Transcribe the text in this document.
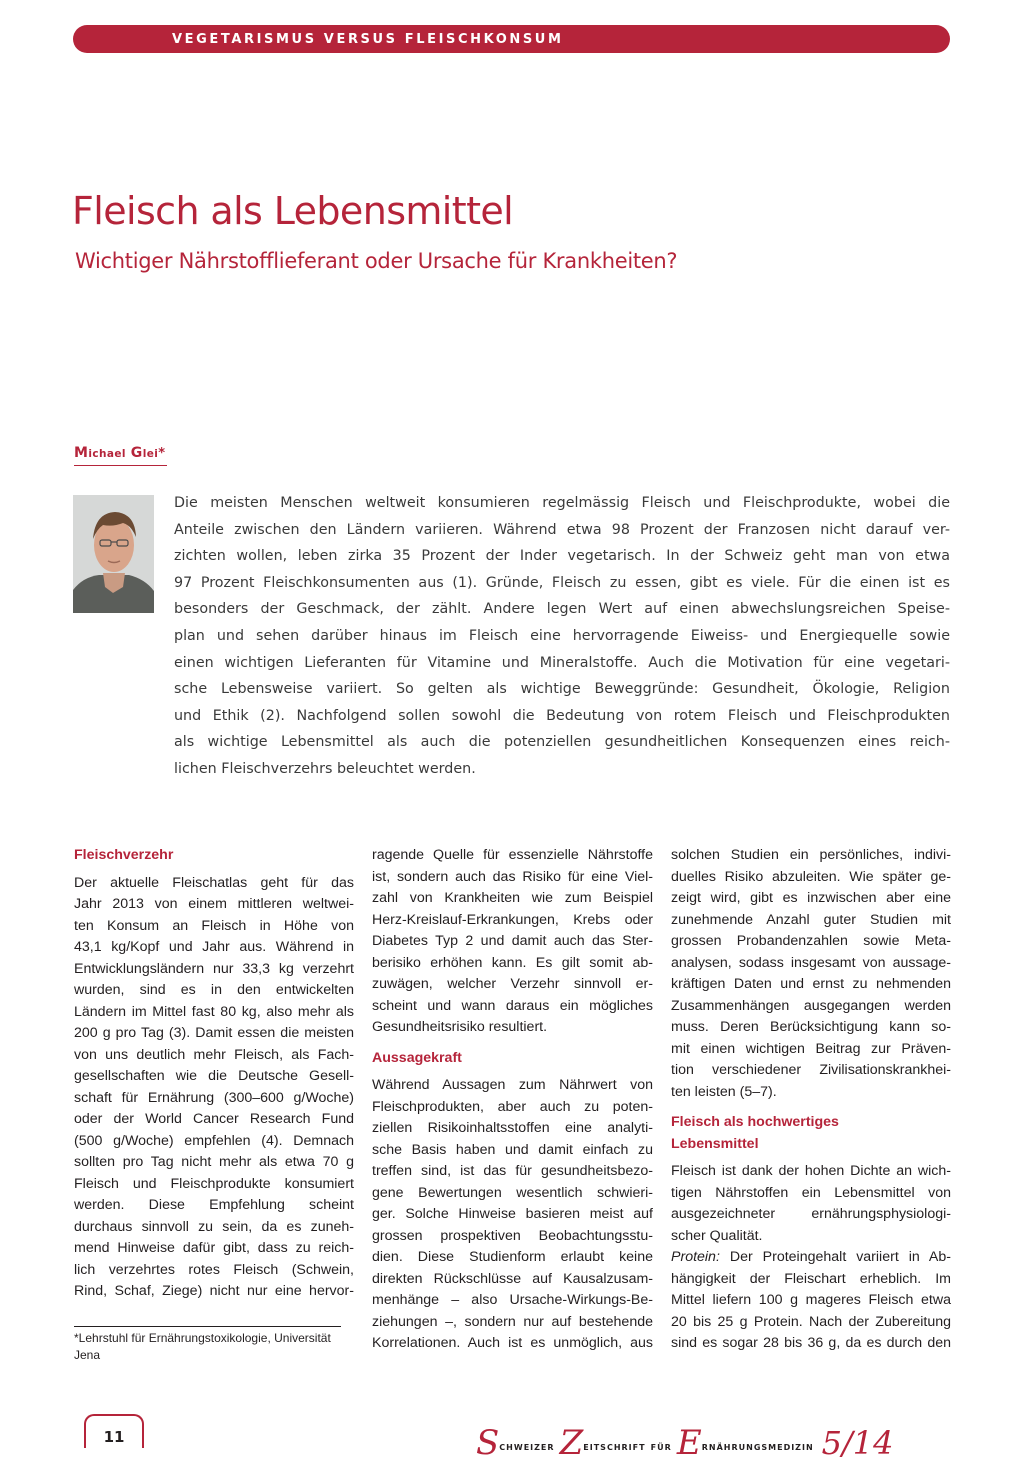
VEGETARISMUS VERSUS FLEISCHKONSUM
Fleisch als Lebensmittel
Wichtiger Nährstofflieferant oder Ursache für Krankheiten?
Michael Glei*
Die meisten Menschen weltweit konsumieren regelmässig Fleisch und Fleischprodukte, wobei die
Anteile zwischen den Ländern variieren. Während etwa 98 Prozent der Franzosen nicht darauf ver-
zichten wollen, leben zirka 35 Prozent der Inder vegetarisch. In der Schweiz geht man von etwa
97 Prozent Fleischkonsumenten aus (1). Gründe, Fleisch zu essen, gibt es viele. Für die einen ist es
besonders der Geschmack, der zählt. Andere legen Wert auf einen abwechslungsreichen Speise-
plan und sehen darüber hinaus im Fleisch eine hervorragende Eiweiss- und Energiequelle sowie
einen wichtigen Lieferanten für Vitamine und Mineralstoffe. Auch die Motivation für eine vegetari-
sche Lebensweise variiert. So gelten als wichtige Beweggründe: Gesundheit, Ökologie, Religion
und Ethik (2). Nachfolgend sollen sowohl die Bedeutung von rotem Fleisch und Fleischprodukten
als wichtige Lebensmittel als auch die potenziellen gesundheitlichen Konsequenzen eines reich-
lichen Fleischverzehrs beleuchtet werden.
Fleischverzehr
Der aktuelle Fleischatlas geht für das
Jahr 2013 von einem mittleren weltwei-
ten Konsum an Fleisch in Höhe von
43,1 kg/Kopf und Jahr aus. Während in
Entwicklungsländern nur 33,3 kg verzehrt
wurden, sind es in den entwickelten
Ländern im Mittel fast 80 kg, also mehr als
200 g pro Tag (3). Damit essen die meisten
von uns deutlich mehr Fleisch, als Fach-
gesellschaften wie die Deutsche Gesell-
schaft für Ernährung (300–600 g/Woche)
oder der World Cancer Research Fund
(500 g/Woche) empfehlen (4). Demnach
sollten pro Tag nicht mehr als etwa 70 g
Fleisch und Fleischprodukte konsumiert
werden. Diese Empfehlung scheint
durchaus sinnvoll zu sein, da es zuneh-
mend Hinweise dafür gibt, dass zu reich-
lich verzehrtes rotes Fleisch (Schwein,
Rind, Schaf, Ziege) nicht nur eine hervor-
ragende Quelle für essenzielle Nährstoffe
ist, sondern auch das Risiko für eine Viel-
zahl von Krankheiten wie zum Beispiel
Herz-Kreislauf-Erkrankungen, Krebs oder
Diabetes Typ 2 und damit auch das Ster-
berisiko erhöhen kann. Es gilt somit ab-
zuwägen, welcher Verzehr sinnvoll er-
scheint und wann daraus ein mögliches
Gesundheitsrisiko resultiert.
Aussagekraft
Während Aussagen zum Nährwert von
Fleischprodukten, aber auch zu poten-
ziellen Risikoinhaltsstoffen eine analyti-
sche Basis haben und damit einfach zu
treffen sind, ist das für gesundheitsbezo-
gene Bewertungen wesentlich schwieri-
ger. Solche Hinweise basieren meist auf
grossen prospektiven Beobachtungsstu-
dien. Diese Studienform erlaubt keine
direkten Rückschlüsse auf Kausalzusam-
menhänge – also Ursache-Wirkungs-Be-
ziehungen –, sondern nur auf bestehende
Korrelationen. Auch ist es unmöglich, aus
solchen Studien ein persönliches, indivi-
duelles Risiko abzuleiten. Wie später ge-
zeigt wird, gibt es inzwischen aber eine
zunehmende Anzahl guter Studien mit
grossen Probandenzahlen sowie Meta-
analysen, sodass insgesamt von aussage-
kräftigen Daten und ernst zu nehmenden
Zusammenhängen ausgegangen werden
muss. Deren Berücksichtigung kann so-
mit einen wichtigen Beitrag zur Präven-
tion verschiedener Zivilisationskrankhei-
ten leisten (5–7).
Fleisch als hochwertiges
Lebensmittel
Fleisch ist dank der hohen Dichte an wich-
tigen Nährstoffen ein Lebensmittel von
ausgezeichneter ernährungsphysiologi-
scher Qualität.
Protein: Der Proteingehalt variiert in Ab-
hängigkeit der Fleischart erheblich. Im
Mittel liefern 100 g mageres Fleisch etwa
20 bis 25 g Protein. Nach der Zubereitung
sind es sogar 28 bis 36 g, da es durch den
*Lehrstuhl für Ernährungstoxikologie, Universität
Jena
11	$S^{CHWEIZER}$ $Z^{EITSCHRIFT}$ $^{FÜR}$ $E^{RNÄHRUNGSMEDIZIN}$ 5/14
